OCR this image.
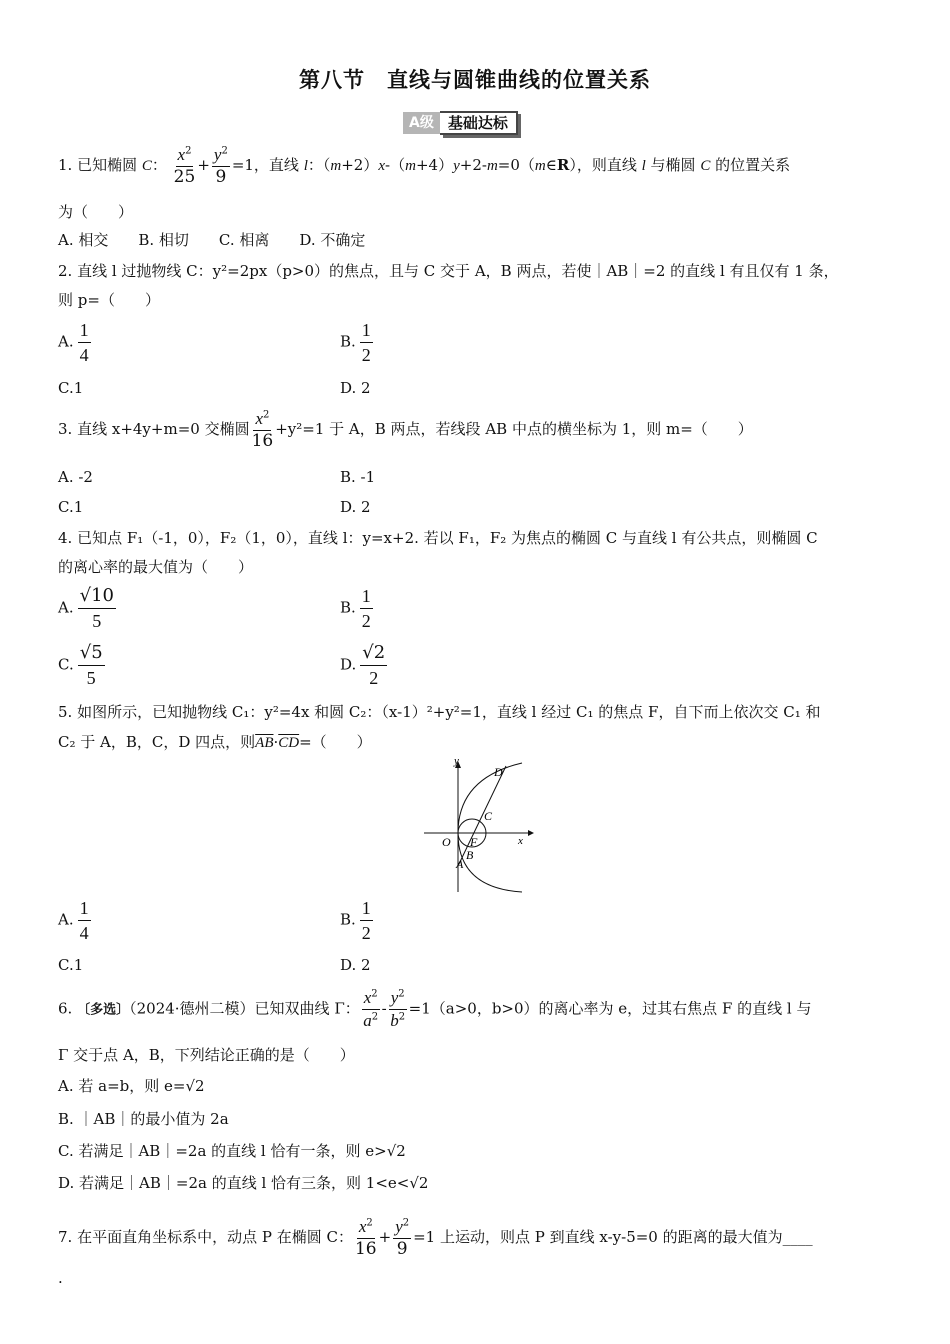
第八节　直线与圆锥曲线的位置关系
A级 基础达标
1. 已知椭圆 C： $\frac{x^2}{25} + \frac{y^2}{9} =1$，直线 l：（m+2）x-（m+4）y+2-m=0（m∈R），则直线 l 与椭圆 C 的位置关系
为（　　）
A. 相交　　B. 相切　　C. 相离　　D. 不确定
2. 直线 l 过抛物线 C：y²=2px（p>0）的焦点，且与 C 交于 A，B 两点，若使｜AB｜=2 的直线 l 有且仅有 1 条，
则 p=（　　）
A. $\frac{1}{4}$	B. $\frac{1}{2}$
C.1	D. 2
3. 直线 x+4y+m=0 交椭圆 $\frac{x^2}{16} +y^2=1$ 于 A，B 两点，若线段 AB 中点的横坐标为 1，则 m=（　　）
A. -2	B. -1
C.1	D. 2
4. 已知点 F₁（-1，0），F₂（1，0），直线 l：y=x+2. 若以 F₁，F₂ 为焦点的椭圆 C 与直线 l 有公共点，则椭圆 C
的离心率的最大值为（　　）
A. $\frac{√10}{5}$	B. $\frac{1}{2}$
C. $\frac{√5}{5}$	D. $\frac{√2}{2}$
5. 如图所示，已知抛物线 C₁：y²=4x 和圆 C₂：（x-1）²+y²=1，直线 l 经过 C₁ 的焦点 F，自下而上依次交 C₁ 和
C₂ 于 A，B，C，D 四点，则$\overline{AB}\cdot\overline{CD}=$（　　）
y
x
O F
A
B
C
D
A. $\frac{1}{4}$	B. $\frac{1}{2}$
C.1	D. 2
6. 〔多选〕（2024·德州二模）已知双曲线 Γ： $\frac{x^2}{a^2} - \frac{y^2}{b^2} =1(a>0$，b>0）的离心率为 e，过其右焦点 F 的直线 l 与
Γ 交于点 A，B，下列结论正确的是（　　）
A. 若 a=b，则 e=√2
B. ｜AB｜的最小值为 2a
C. 若满足｜AB｜=2a 的直线 l 恰有一条，则 e>√2
D. 若满足｜AB｜=2a 的直线 l 恰有三条，则 1<e<√2
7. 在平面直角坐标系中，动点 P 在椭圆 C： $\frac{x^2}{16} + \frac{y^2}{9} =1$ 上运动，则点 P 到直线 x-y-5=0 的距离的最大值为____
.
